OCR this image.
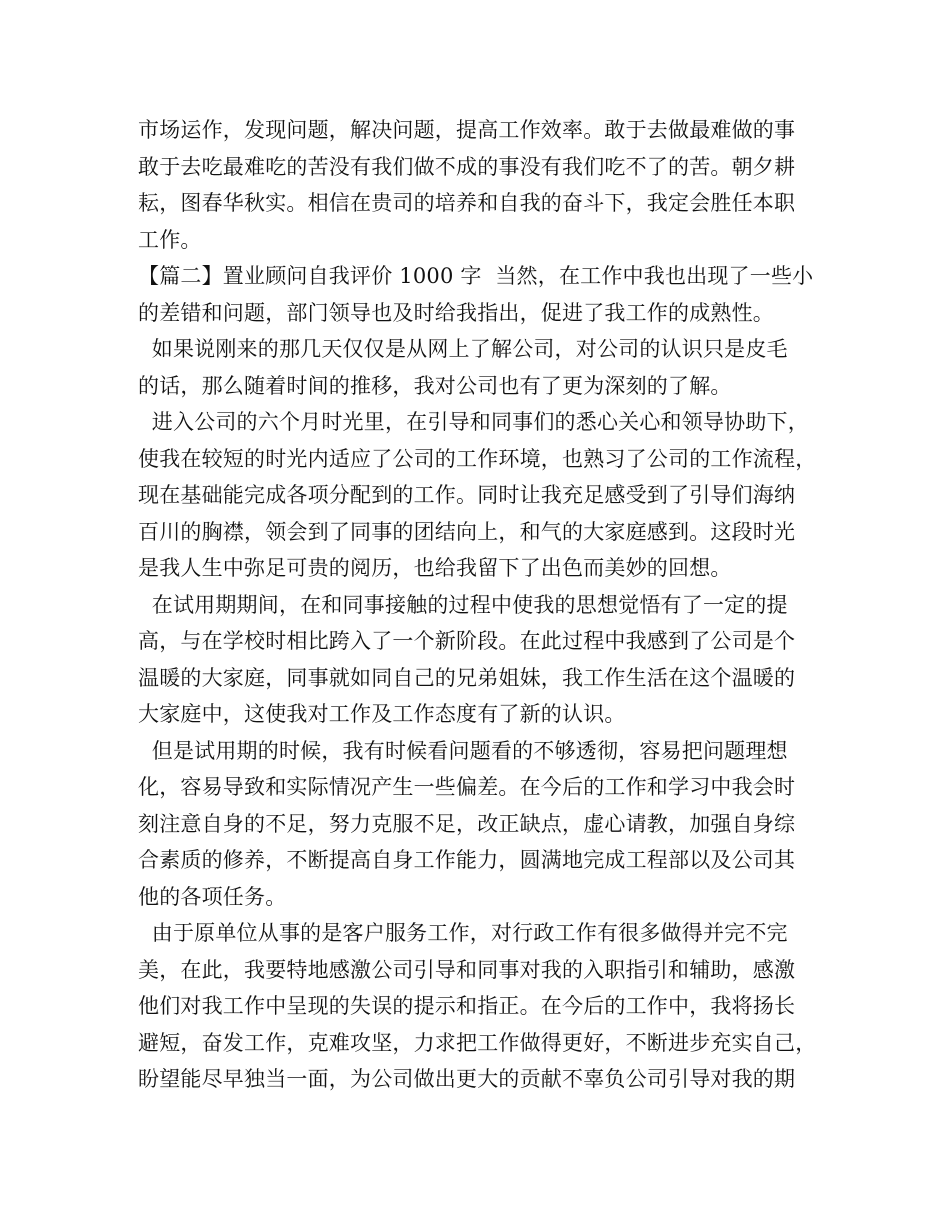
市场运作，发现问题，解决问题，提高工作效率。敢于去做最难做的事
敢于去吃最难吃的苦没有我们做不成的事没有我们吃不了的苦。朝夕耕
耘，图春华秋实。相信在贵司的培养和自我的奋斗下，我定会胜任本职
工作。
【篇二】置业顾问自我评价 1000 字  当然，在工作中我也出现了一些小
的差错和问题，部门领导也及时给我指出，促进了我工作的成熟性。
如果说刚来的那几天仅仅是从网上了解公司，对公司的认识只是皮毛
的话，那么随着时间的推移，我对公司也有了更为深刻的了解。
进入公司的六个月时光里，在引导和同事们的悉心关心和领导协助下，
使我在较短的时光内适应了公司的工作环境，也熟习了公司的工作流程，
现在基础能完成各项分配到的工作。同时让我充足感受到了引导们海纳
百川的胸襟，领会到了同事的团结向上，和气的大家庭感到。这段时光
是我人生中弥足可贵的阅历，也给我留下了出色而美妙的回想。
在试用期期间，在和同事接触的过程中使我的思想觉悟有了一定的提
高，与在学校时相比跨入了一个新阶段。在此过程中我感到了公司是个
温暖的大家庭，同事就如同自己的兄弟姐妹，我工作生活在这个温暖的
大家庭中，这使我对工作及工作态度有了新的认识。
但是试用期的时候，我有时候看问题看的不够透彻，容易把问题理想
化，容易导致和实际情况产生一些偏差。在今后的工作和学习中我会时
刻注意自身的不足，努力克服不足，改正缺点，虚心请教，加强自身综
合素质的修养，不断提高自身工作能力，圆满地完成工程部以及公司其
他的各项任务。
由于原单位从事的是客户服务工作，对行政工作有很多做得并完不完
美，在此，我要特地感激公司引导和同事对我的入职指引和辅助，感激
他们对我工作中呈现的失误的提示和指正。在今后的工作中，我将扬长
避短，奋发工作，克难攻坚，力求把工作做得更好，不断进步充实自己，
盼望能尽早独当一面，为公司做出更大的贡献不辜负公司引导对我的期
